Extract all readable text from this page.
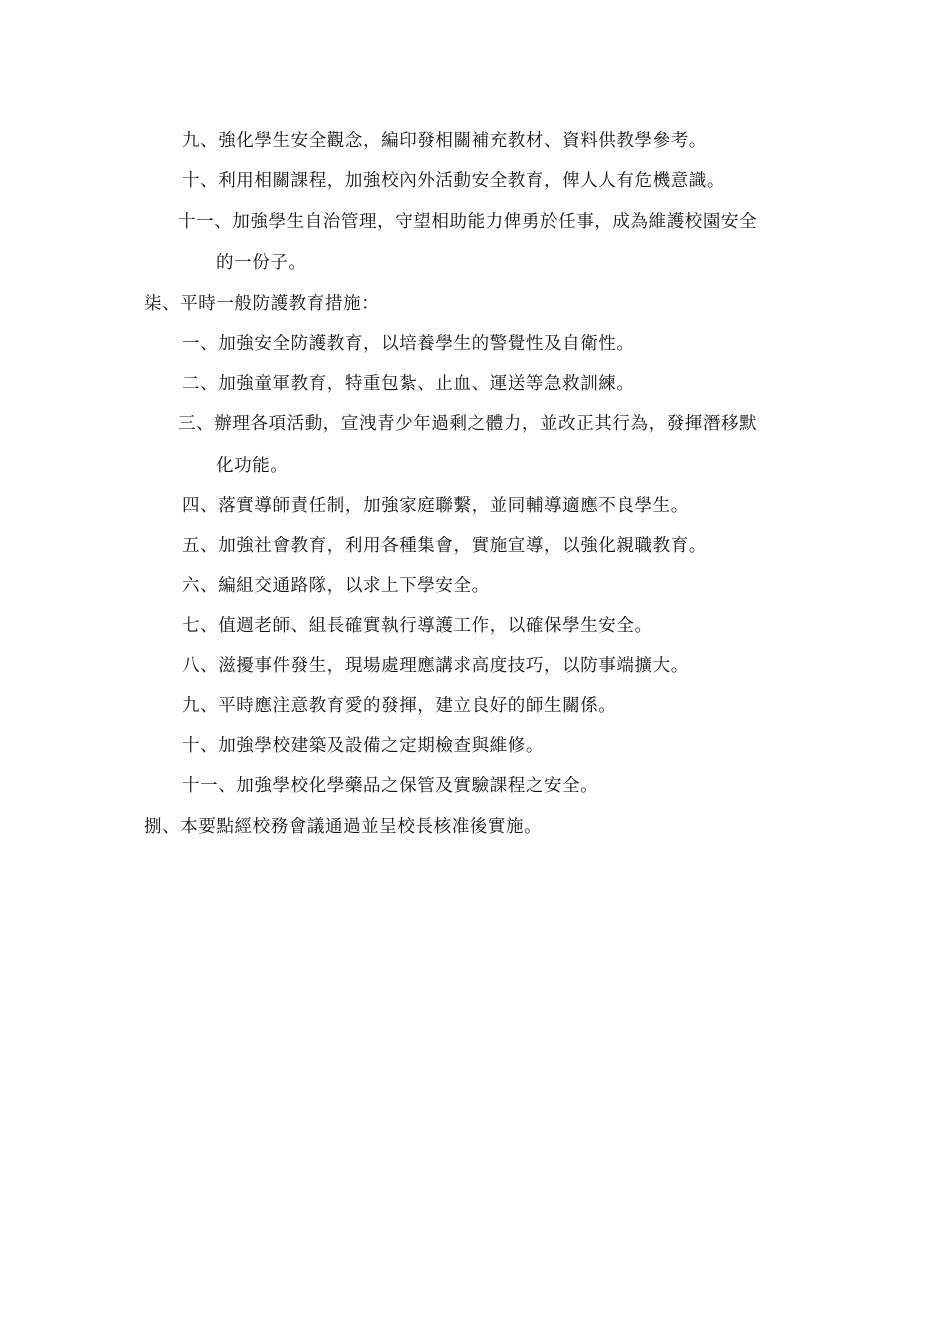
九、強化學生安全觀念，編印發相關補充教材、資料供教學參考。
十、利用相關課程，加強校內外活動安全教育，俾人人有危機意識。
十一、加強學生自治管理，守望相助能力俾勇於任事，成為維護校園安全
的一份子。
柒、平時一般防護教育措施：
一、加強安全防護教育，以培養學生的警覺性及自衛性。
二、加強童軍教育，特重包紮、止血、運送等急救訓練。
三、辦理各項活動，宣洩青少年過剩之體力，並改正其行為，發揮潛移默
化功能。
四、落實導師責任制，加強家庭聯繫，並同輔導適應不良學生。
五、加強社會教育，利用各種集會，實施宣導，以強化親職教育。
六、編組交通路隊，以求上下學安全。
七、值週老師、組長確實執行導護工作，以確保學生安全。
八、滋擾事件發生，現場處理應講求高度技巧，以防事端擴大。
九、平時應注意教育愛的發揮，建立良好的師生關係。
十、加強學校建築及設備之定期檢查與維修。
十一、加強學校化學藥品之保管及實驗課程之安全。
捌、本要點經校務會議通過並呈校長核准後實施。
